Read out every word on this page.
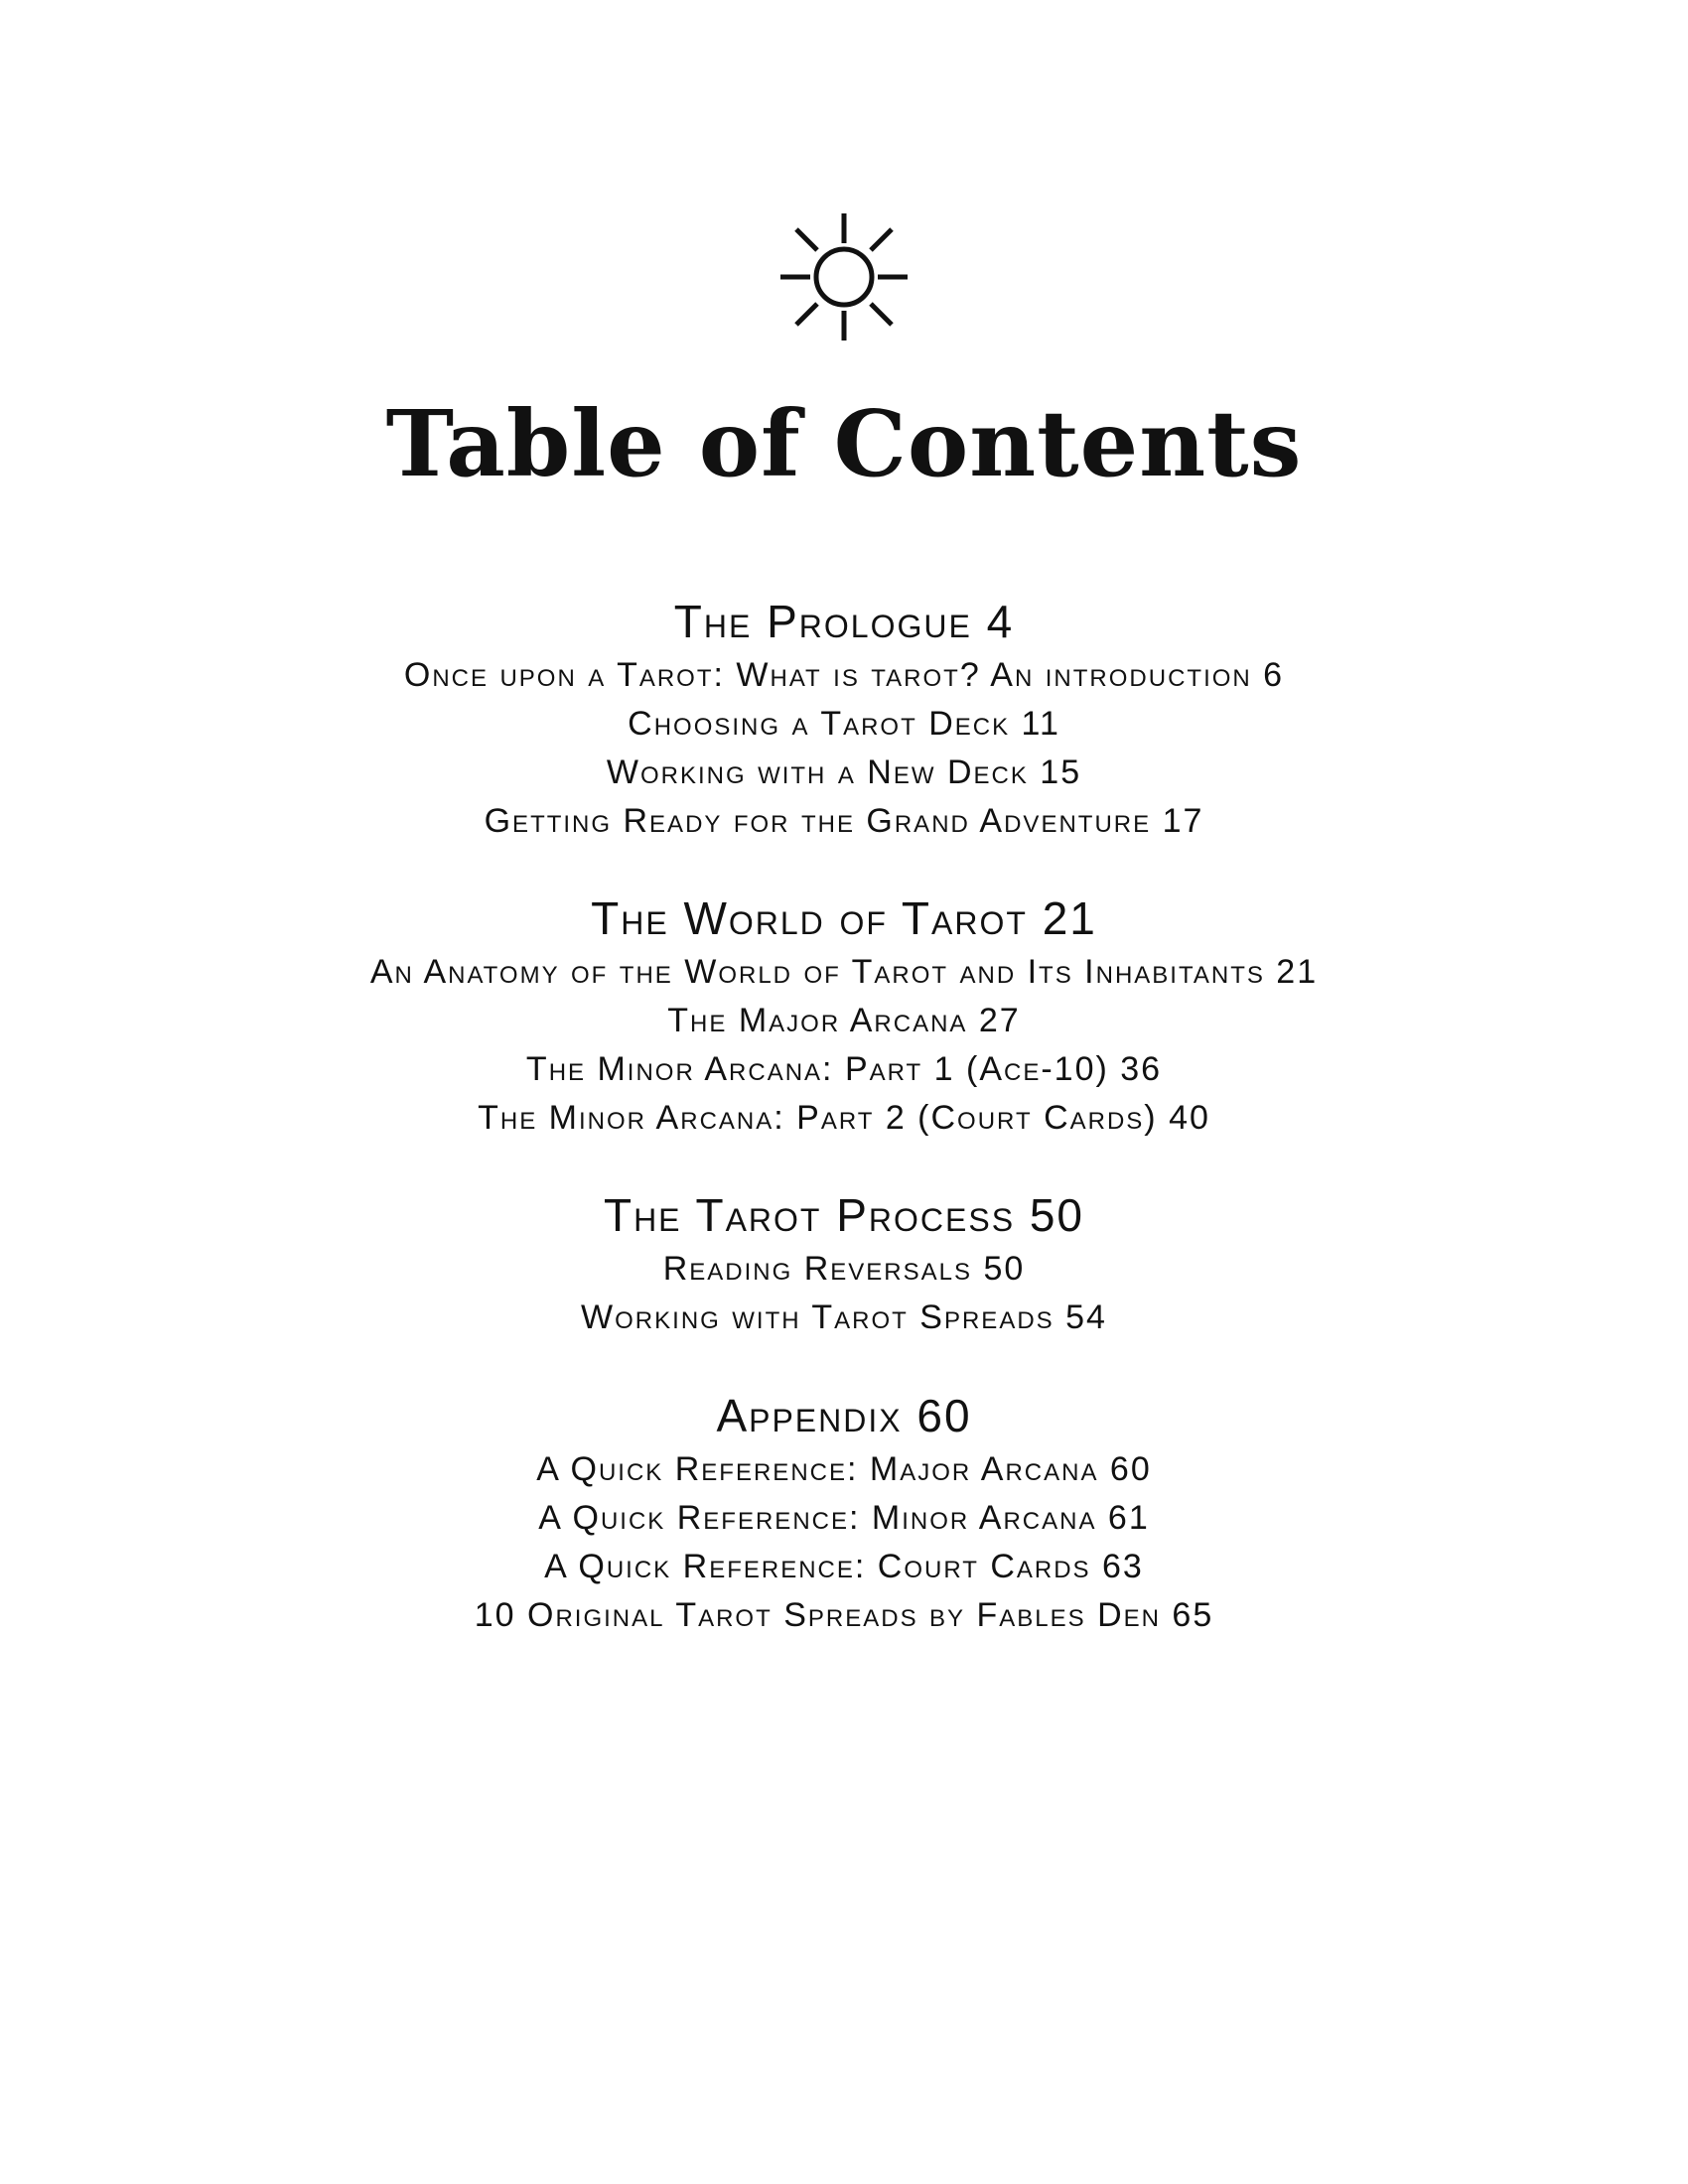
Table of Contents

The Prologue 4

Once upon a Tarot: What is tarot? An introduction 6

Choosing a Tarot Deck 11

Working with a New Deck 15

Getting Ready for the Grand Adventure 17

The World of Tarot 21

An Anatomy of the World of Tarot and Its Inhabitants 21

The Major Arcana 27

The Minor Arcana: Part 1 (Ace-10) 36

The Minor Arcana: Part 2 (Court Cards) 40

The Tarot Process 50

Reading Reversals 50

Working with Tarot Spreads 54

Appendix 60

A Quick Reference: Major Arcana 60

A Quick Reference: Minor Arcana 61

A Quick Reference: Court Cards 63

10 Original Tarot Spreads by Fables Den 65
